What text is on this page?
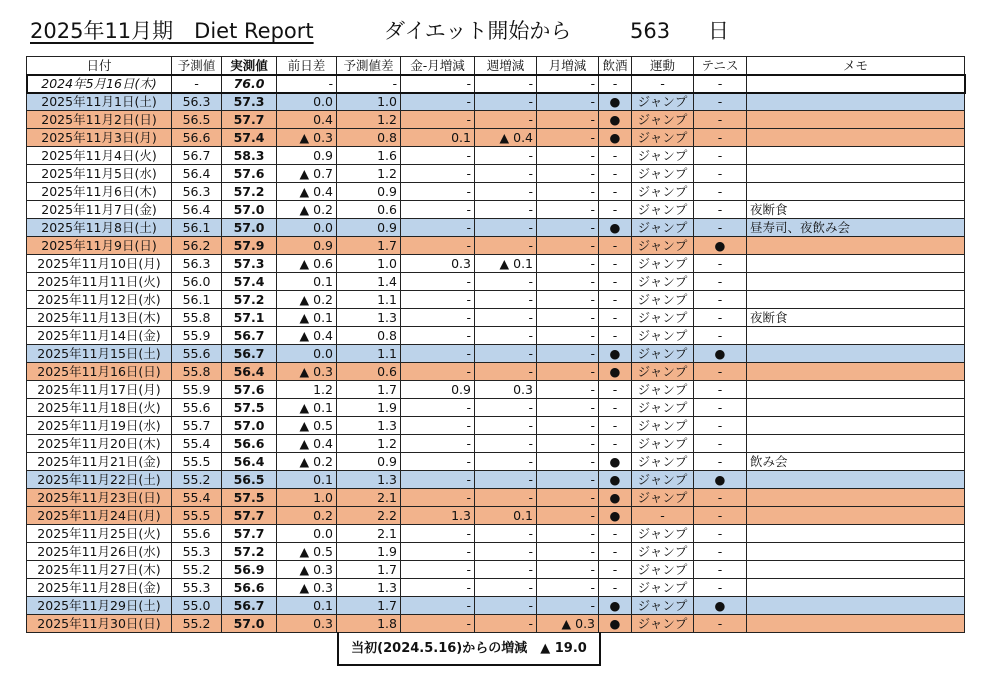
2025年11月期　Diet Report	ダイエット開始から	563 日
日付	予測値	実測値	前日差	予測値差	金-月増減	週増減	月増減	飲酒	運動	テニス	メモ
2024年5月16日(木)	-	76.0	-	-	-	-	-	-	-	-	
2025年11月1日(土)	56.3	57.3	0.0	1.0	-	-	-	●	ジャンプ	-	
2025年11月2日(日)	56.5	57.7	0.4	1.2	-	-	-	●	ジャンプ	-	
2025年11月3日(月)	56.6	57.4	▲ 0.3	0.8	0.1	▲ 0.4	-	●	ジャンプ	-	
2025年11月4日(火)	56.7	58.3	0.9	1.6	-	-	-	-	ジャンプ	-	
2025年11月5日(水)	56.4	57.6	▲ 0.7	1.2	-	-	-	-	ジャンプ	-	
2025年11月6日(木)	56.3	57.2	▲ 0.4	0.9	-	-	-	-	ジャンプ	-	
2025年11月7日(金)	56.4	57.0	▲ 0.2	0.6	-	-	-	-	ジャンプ	-	夜断食
2025年11月8日(土)	56.1	57.0	0.0	0.9	-	-	-	●	ジャンプ	-	昼寿司、夜飲み会
2025年11月9日(日)	56.2	57.9	0.9	1.7	-	-	-	-	ジャンプ	●	
2025年11月10日(月)	56.3	57.3	▲ 0.6	1.0	0.3	▲ 0.1	-	-	ジャンプ	-	
2025年11月11日(火)	56.0	57.4	0.1	1.4	-	-	-	-	ジャンプ	-	
2025年11月12日(水)	56.1	57.2	▲ 0.2	1.1	-	-	-	-	ジャンプ	-	
2025年11月13日(木)	55.8	57.1	▲ 0.1	1.3	-	-	-	-	ジャンプ	-	夜断食
2025年11月14日(金)	55.9	56.7	▲ 0.4	0.8	-	-	-	-	ジャンプ	-	
2025年11月15日(土)	55.6	56.7	0.0	1.1	-	-	-	●	ジャンプ	●	
2025年11月16日(日)	55.8	56.4	▲ 0.3	0.6	-	-	-	●	ジャンプ	-	
2025年11月17日(月)	55.9	57.6	1.2	1.7	0.9	0.3	-	-	ジャンプ	-	
2025年11月18日(火)	55.6	57.5	▲ 0.1	1.9	-	-	-	-	ジャンプ	-	
2025年11月19日(水)	55.7	57.0	▲ 0.5	1.3	-	-	-	-	ジャンプ	-	
2025年11月20日(木)	55.4	56.6	▲ 0.4	1.2	-	-	-	-	ジャンプ	-	
2025年11月21日(金)	55.5	56.4	▲ 0.2	0.9	-	-	-	●	ジャンプ	-	飲み会
2025年11月22日(土)	55.2	56.5	0.1	1.3	-	-	-	●	ジャンプ	●	
2025年11月23日(日)	55.4	57.5	1.0	2.1	-	-	-	●	ジャンプ	-	
2025年11月24日(月)	55.5	57.7	0.2	2.2	1.3	0.1	-	●	-	-	
2025年11月25日(火)	55.6	57.7	0.0	2.1	-	-	-	-	ジャンプ	-	
2025年11月26日(水)	55.3	57.2	▲ 0.5	1.9	-	-	-	-	ジャンプ	-	
2025年11月27日(木)	55.2	56.9	▲ 0.3	1.7	-	-	-	-	ジャンプ	-	
2025年11月28日(金)	55.3	56.6	▲ 0.3	1.3	-	-	-	-	ジャンプ	-	
2025年11月29日(土)	55.0	56.7	0.1	1.7	-	-	-	●	ジャンプ	●	
2025年11月30日(日)	55.2	57.0	0.3	1.8	-	-	▲ 0.3	●	ジャンプ	-	
当初(2024.5.16)からの増減　▲ 19.0
